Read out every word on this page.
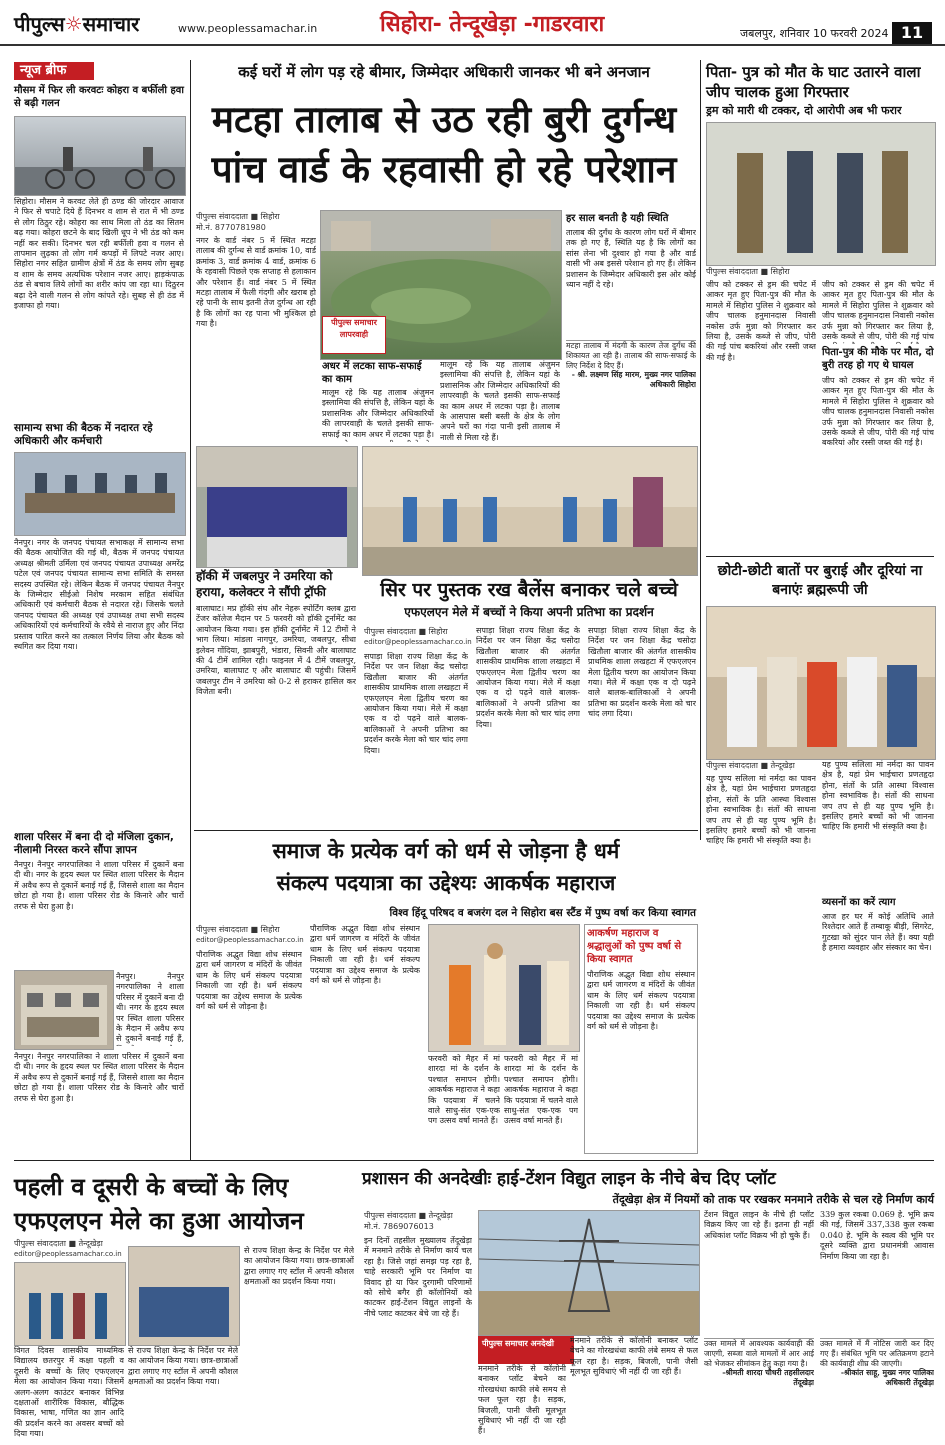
पीपुल्स☼समाचार	www.peoplessamachar.in	सिहोरा- तेन्दूखेड़ा -गाडरवारा	जबलपुर, शनिवार 10 फरवरी 2024 11
न्यूज ब्रीफ
मौसम में फिर ली करवटः कोहरा व बर्फीली हवा से बढ़ी गलन
सिहोरा। मौसम ने करवट लेते ही ठण्ड की जोरदार आवाज ने फिर से चपाटे दिये हैं दिनभर व शाम से रात में भी ठण्ड से लोग ठिठुर रहे। कोहरा का साथ मिला तो ठंड का सितम बढ़ गया। कोहरा छटने के बाद खिली धूप ने भी ठंड को कम नहीं कर सकी। दिनभर चल रही बर्फीली हवा व गलन से तापमान लुढ़का तो लोग गर्म कपड़ों में लिपटे नजर आए। सिहोरा नगर सहित ग्रामीण क्षेत्रों में ठंड के समय लोग सुबह व शाम के समय अत्यधिक परेशान नजर आए। हाड़कंपाऊ ठंड से बचाव लिये लोगों का शरीर कांप जा रहा था। दिठुरन बढ़ा देने वाली गलन से लोग कांपते रहे। सुबह से ही ठंड में इजाफा हो गया।
सामान्य सभा की बैठक में नदारत रहे अधिकारी और कर्मचारी
नैनपुर। नगर के जनपद पंचायत सभाकक्ष में सामान्य सभा की बैठक आयोजित की गई थी, बैठक में जनपद पंचायत अध्यक्ष श्रीमती उर्मिला एवं जनपद पंचायत उपाध्यक्ष अमरेंद्र पटेल एवं जनपद पंचायत सामान्य सभा समिति के समस्त सदस्य उपस्थित रहे। लेकिन बैठक में जनपद पंचायत नैनपुर के जिम्मेदार सीईओ निशेष मरकाम सहित संबंधित अधिकारी एवं कर्मचारी बैठक से नदारत रहे। जिसके चलते जनपद पंचायत की अध्यक्ष एवं उपाध्यक्ष तथा सभी सदस्य अधिकारियों एवं कर्मचारियों के रवैये से नाराज हुए और निंदा प्रस्ताव पारित करने का तत्काल निर्णय लिया और बैठक को स्थगित कर दिया गया।
शाला परिसर में बना दी दो मंजिला दुकान, नीलामी निरस्त करने सौंपा ज्ञापन
नैनपुर। नैनपुर नगरपालिका ने शाला परिसर में दुकानें बना दी थी। नगर के हृदय स्थल पर स्थित शाला परिसर के मैदान में अवैध रूप से दुकानें बनाई गई हैं, जिससे शाला का मैदान छोटा हो गया है। शाला परिसर रोड के किनारे और चारों तरफ से घेरा हुआ है।

नैनपुर। नैनपुर नगरपालिका ने शाला परिसर में दुकानें बना दी थी। नगर के हृदय स्थल पर स्थित शाला परिसर के मैदान में अवैध रूप से दुकानें बनाई गई हैं,

नैनपुर। नैनपुर नगरपालिका ने शाला परिसर में दुकानें बना दी थी। नगर के हृदय स्थल पर स्थित शाला परिसर के मैदान में अवैध रूप से दुकानें बनाई गई हैं, जिससे शाला का मैदान छोटा हो गया है। शाला परिसर रोड के किनारे और चारों तरफ से घेरा हुआ है।
कई घरों में लोग पड़ रहे बीमार, जिम्मेदार अधिकारी जानकर भी बने अनजान
मटहा तालाब से उठ रही बुरी दुर्गन्ध
पांच वार्ड के रहवासी हो रहे परेशान
पीपुल्स संवाददाता ■ सिहोरा
मो.नं. 8770781980
नगर के वार्ड नंबर 5 में स्थित मटहा तालाब की दुर्गन्ध से वार्ड क्रमांक 10, वार्ड क्रमांक 3, वार्ड क्रमांक 4 वार्ड, क्रमांक 6 के रहवासी पिछले एक सप्ताह से हलाकान और परेशान हैं। वार्ड नंबर 5 में स्थित मटहा तालाब में फैली गंदगी और खराब हो रहे पानी के साथ इतनी तेज दुर्गन्ध आ रही है कि लोगों का रह पाना भी मुश्किल हो गया है।	पीपुल्स समाचार लापरवाही
अधर में लटका साफ-सफाई का काम
मालूम रहे कि यह तालाब अंजुमन इस्लामिया की संपत्ति है, लेकिन यहां के प्रशासनिक और जिम्मेदार अधिकारियों की लापरवाही के चलते इसकी साफ-सफाई का काम अधर में लटका पड़ा है।
मालूम रहे कि यह तालाब अंजुमन इस्लामिया की संपत्ति है, लेकिन यहां के प्रशासनिक और जिम्मेदार अधिकारियों की लापरवाही के चलते इसकी साफ-सफाई का काम अधर में लटका पड़ा है। तालाब के आसपास बसी बस्ती के क्षेत्र के लोग अपने घरों का गंदा पानी इसी तालाब में नाली से मिला रहे हैं।
हर साल बनती है यही स्थिति
तालाब की दुर्गंध के कारण लोग घरों में बीमार तक हो गए हैं, स्थिति यह है कि लोगों का सांस लेना भी दुश्वार हो गया है और वार्ड वासी भी अब इससे परेशान हो गए हैं। लेकिन प्रशासन के जिम्मेदार अधिकारी इस ओर कोई ध्यान नहीं दे रहे।
मटहा तालाब में मंदगी के कारण तेज दुर्गंध की शिकायत आ रही है। तालाब की साफ-सफाई के लिए निर्देश दे दिए हैं।
- श्री. लक्ष्मण सिंह मारम, मुख्य नगर पालिका अधिकारी सिहोरा
हॉकी में जबलपुर ने उमरिया को हराया, कलेक्टर ने सौंपी ट्रॉफी
बालाघाट। मप्र हॉकी संघ और नेहरू स्पोर्टिंग क्लब द्वारा टेंजर कॉलेज मैदान पर 5 फरवरी को हॉकी टूर्नामेंट का आयोजन किया गया। इस हॉकी टूर्नामेंट में 12 टीमों ने भाग लिया। मांडला नागपुर, उमरिया, जबलपुर, सीधा इलेवन गोंदिया, झाबपुरी, भंडारा, सिवनी और बालाघाट की 4 टीमें शामिल रही। फाइनल में 4 टीमें जबलपुर, उमरिया, बालाघाट ए और बालाघाट बी पहुंची। जिसमें जबलपुर टीम ने उमरिया को 0-2 से हराकर हासिल कर विजेता बनी।
सिर पर पुस्तक रख बैलेंस बनाकर चले बच्चे
एफएलएन मेले में बच्चों ने किया अपनी प्रतिभा का प्रदर्शन
पीपुल्स संवाददाता ■ सिहोरा
editor@peoplessamachar.co.in
सपाड़ा शिक्षा राज्य शिक्षा केंद्र के निर्देश पर जन शिक्षा केंद्र चसोदा खितौला बाजार की अंतर्गत शासकीय प्राथमिक शाला लखहटा में एफएलएन मेला द्वितीय चरण का आयोजन किया गया। मेले में कक्षा एक व दो पढ़ने वाले बालक-बालिकाओं ने अपनी प्रतिभा का प्रदर्शन करके मेला को चार चांद लगा दिया।
सपाड़ा शिक्षा राज्य शिक्षा केंद्र के निर्देश पर जन शिक्षा केंद्र चसोदा खितौला बाजार की अंतर्गत शासकीय प्राथमिक शाला लखहटा में एफएलएन मेला द्वितीय चरण का आयोजन किया गया। मेले में कक्षा एक व दो पढ़ने वाले बालक-बालिकाओं ने अपनी प्रतिभा का प्रदर्शन करके मेला को चार चांद लगा दिया।
सपाड़ा शिक्षा राज्य शिक्षा केंद्र के निर्देश पर जन शिक्षा केंद्र चसोदा खितौला बाजार की अंतर्गत शासकीय प्राथमिक शाला लखहटा में एफएलएन मेला द्वितीय चरण का आयोजन किया गया। मेले में कक्षा एक व दो पढ़ने वाले बालक-बालिकाओं ने अपनी प्रतिभा का प्रदर्शन करके मेला को चार चांद लगा दिया।
पिता- पुत्र को मौत के घाट उतारने वाला जीप चालक हुआ गिरफ्तार
ड्रम को मारी थी टक्कर, दो आरोपी अब भी फरार
पीपुल्स संवाददाता ■ सिहोरा
जीप को टक्कर से ड्रम की चपेट में आकर मृत हुए पिता-पुत्र की मौत के मामले में सिहोरा पुलिस ने शुक्रवार को जीप चालक हनुमानदास निवासी नकोस उर्फ मुन्ना को गिरफ्तार कर लिया है, उसके कब्जे से जीप, पोरी की गई पांच बकरियां और रस्सी जब्त की गई है।
जीप को टक्कर से ड्रम की चपेट में आकर मृत हुए पिता-पुत्र की मौत के मामले में सिहोरा पुलिस ने शुक्रवार को जीप चालक हनुमानदास निवासी नकोस उर्फ मुन्ना को गिरफ्तार कर लिया है, उसके कब्जे से जीप, पोरी की गई पांच
पिता-पुत्र की मौके पर मौत, दो बुरी तरह हो गए थे घायल
जीप को टक्कर से ड्रम की चपेट में आकर मृत हुए पिता-पुत्र की मौत के मामले में सिहोरा पुलिस ने शुक्रवार को जीप चालक हनुमानदास निवासी नकोस उर्फ मुन्ना को गिरफ्तार कर लिया है, उसके कब्जे से जीप, पोरी की गई पांच बकरियां और रस्सी जब्त की गई है।
छोटी-छोटी बातों पर बुराई और दूरियां ना बनाएंः ब्रह्मरूपी जी
पीपुल्स संवाददाता ■ तेन्दूखेड़ा
यह पुण्य सलिला मां नर्मदा का पावन क्षेत्र है, यहां प्रेम भाईचारा प्रणतहृदा होना, संतों के प्रति आस्था विश्वास होना स्वभाविक है। संतों की साधना जप तप से ही यह पुण्य भूमि है। इसलिए हमारे बच्चों को भी जानना चाहिए कि हमारी भी संस्कृति क्या है।
यह पुण्य सलिला मां नर्मदा का पावन क्षेत्र है, यहां प्रेम भाईचारा प्रणतहृदा होना, संतों के प्रति आस्था विश्वास होना स्वभाविक है। संतों की साधना जप तप से ही यह पुण्य भूमि है। इसलिए हमारे बच्चों को भी जानना चाहिए कि हमारी भी संस्कृति क्या है।
व्यसनों का करें त्याग
आज हर घर में कोई अतिथि आते रिश्तेदार आते हैं तम्बाकू बीड़ी, सिगरेट, गुटखा को सुंदर पान लेते हैं। क्या यही है हमारा व्यवहार और संस्कार का चेन।
समाज के प्रत्येक वर्ग को धर्म से जोड़ना है धर्म
संकल्प पदयात्रा का उद्देश्यः आकर्षक महाराज
विश्व हिंदू परिषद व बजरंग दल ने सिहोरा बस स्टैंड में पुष्प वर्षा कर किया स्वागत
पीपुल्स संवाददाता ■ सिहोरा
editor@peoplessamachar.co.in
पौराणिक अद्भुत विद्या शोध संस्थान द्वारा धर्म जागरण व मंदिरों के जीवंत धाम के लिए धर्म संकल्प पदयात्रा निकाली जा रही है। धर्म संकल्प पदयात्रा का उद्देश्य समाज के प्रत्येक वर्ग को धर्म से जोड़ना है।
पौराणिक अद्भुत विद्या शोध संस्थान द्वारा धर्म जागरण व मंदिरों के जीवंत धाम के लिए धर्म संकल्प पदयात्रा निकाली जा रही है। धर्म संकल्प पदयात्रा का उद्देश्य समाज के प्रत्येक वर्ग को धर्म से जोड़ना है।
फरवरी को मैहर में मां शारदा मां के दर्शन के पश्चात समापन होगी। आकर्षक महाराज ने कहा कि पदयात्रा में चलने वाले साधु-संत एक-एक पग उत्सव वर्षा मानते हैं।
फरवरी को मैहर में मां शारदा मां के दर्शन के पश्चात समापन होगी। आकर्षक महाराज ने कहा कि पदयात्रा में चलने वाले साधु-संत एक-एक पग उत्सव वर्षा मानते हैं।
आकर्षण महाराज व श्रद्धालुओं को पुष्प वर्षा से किया स्वागत
पौराणिक अद्भुत विद्या शोध संस्थान द्वारा धर्म जागरण व मंदिरों के जीवंत धाम के लिए धर्म संकल्प पदयात्रा निकाली जा रही है। धर्म संकल्प पदयात्रा का उद्देश्य समाज के प्रत्येक वर्ग को धर्म से जोड़ना है।
पहली व दूसरी के बच्चों के लिए
एफएलएन मेले का हुआ आयोजन
पीपुल्स संवाददाता ■ तेन्दूखेड़ा
editor@peoplessamachar.co.in
विगत दिवस शासकीय माध्यमिक विद्यालय छतरपुर में कक्षा पहली व दूसरी के बच्चों के लिए एफएलएन मेला का आयोजन किया गया। जिसमें अलग-अलग काउंटर बनाकर विभिन्न दक्षताओं शारीरिक विकास, बौद्धिक विकास, भाषा, गणित का ज्ञान आदि की प्रदर्शन करने का अवसर बच्चों को दिया गया।
से राज्य शिक्षा केन्द्र के निर्देश पर मेले का आयोजन किया गया। छात्र-छात्राओं द्वारा लगाए गए स्टॉल में अपनी कौशल क्षमताओं का प्रदर्शन किया गया।
से राज्य शिक्षा केन्द्र के निर्देश पर मेले का आयोजन किया गया। छात्र-छात्राओं द्वारा लगाए गए स्टॉल में अपनी कौशल क्षमताओं का प्रदर्शन किया गया।
प्रशासन की अनदेखीः हाई-टेंशन विद्युत लाइन के नीचे बेच दिए प्लॉट
तेंदूखेड़ा क्षेत्र में नियमों को ताक पर रखकर मनमाने तरीके से चल रहे निर्माण कार्य
पीपुल्स संवाददाता ■ तेन्दूखेड़ा
मो.नं. 7869076013
इन दिनों तहसील मुख्यालय तेंदूखेड़ा में मनमाने तरीके से निर्माण कार्य चल रहा है। जिसे जहां समझ पड़ रहा है, चाहे सरकारी भूमि पर निर्माण या विवाद हो या फिर दुरगामी परिणामों को सोचे बगैर ही कॉलोनियों को काटकर हाई-टेंशन विद्युत लाइनों के नीचे प्लाट काटकर बेचे जा रहे हैं।
पीपुल्स समाचार अनदेखी	मनमाने तरीके से कॉलोनी बनाकर प्लॉट बेचने का गोरखधंधा काफी लंबे समय से फल फूल रहा है। सड़क, बिजली, पानी जैसी मूलभूत सुविधाएं भी नहीं दी जा रही हैं।
मनमाने तरीके से कॉलोनी बनाकर प्लॉट बेचने का गोरखधंधा काफी लंबे समय से फल फूल रहा है। सड़क, बिजली, पानी जैसी मूलभूत सुविधाएं भी नहीं दी जा रही हैं।
टेंशन विद्युत लाइन के नीचे ही प्लॉट विक्रय किए जा रहे हैं। इतना ही नहीं अधिकांश प्लॉट विक्रय भी हो चुके हैं।
उक्त मामले में आवश्यक कार्यवाही की जाएगी, सब्जा वाले मामलों में आर आई को भेजकर सीमांकन हेतु कहा गया है।
-श्रीमती शारदा चौधरी तहसीलदार तेंदूखेड़ा
339 कुल रकबा 0.069 हे. भूमि क्रय की गई, जिसमें 337,338 कुल रकबा 0.040 हे. भूमि के स्वत्व की भूमि पर दूसरे व्यक्ति द्वारा प्रधानमंत्री आवास निर्माण किया जा रहा है।
उक्त मामले में मैं नोटिस जारी कर दिए गए हैं। संबंधित भूमि पर अतिक्रमण हटाने की कार्यवाही शीघ्र की जाएगी।
-श्रीकांत साहू, मुख्य नगर पालिका अधिकारी तेंदूखेड़ा
